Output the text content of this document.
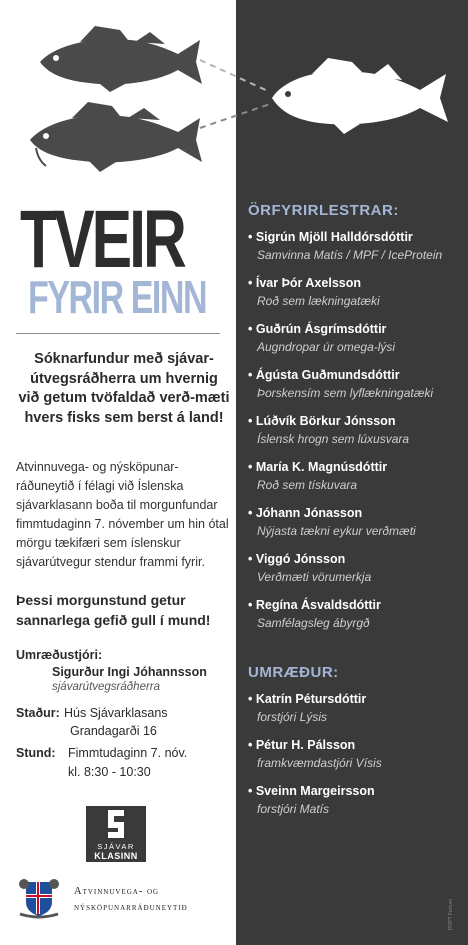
TVEIR
FYRIR EINN
Sóknarfundur með sjávar-útvegsráðherra um hvernig við getum tvöfaldað verð-mæti hvers fisks sem berst á land!
Atvinnuvega- og nýsköpunar-ráðuneytið í félagi við Íslenska sjávarklasann boða til morgunfundar fimmtudaginn 7. nóvember um hin ótal mörgu tækifæri sem íslenskur sjávarútvegur stendur frammi fyrir.
Þessi morgunstund getur sannarlega gefið gull í mund!
Umræðustjóri:
Sigurður Ingi Jóhannsson
sjávarútvegsráðherra
Staður: Hús Sjávarklasans
Grandagarði 16
Stund: Fimmtudaginn 7. nóv.
kl. 8:30 - 10:30
SJÁVAR
KLASINN
Atvinnuvega- og
nýsköpunarráðuneytið	POPT Ferrum
ÖRFYRIRLESTRAR:
• Sigrún Mjöll Halldórsdóttir
Samvinna Matís / MPF / IceProtein
• Ívar Þór Axelsson
Roð sem lækningatæki
• Guðrún Ásgrímsdóttir
Augndropar úr omega-lýsi
• Ágústa Guðmundsdóttir
Þorskensím sem lyflækningatæki
• Lúðvík Börkur Jónsson
Íslensk hrogn sem lúxusvara
• María K. Magnúsdóttir
Roð sem tískuvara
• Jóhann Jónasson
Nýjasta tækni eykur verðmæti
• Viggó Jónsson
Verðmæti vörumerkja
• Regína Ásvaldsdóttir
Samfélagsleg ábyrgð
UMRÆÐUR:
• Katrín Pétursdóttir
forstjóri Lýsis
• Pétur H. Pálsson
framkvæmdastjóri Vísis
• Sveinn Margeirsson
forstjóri Matís
